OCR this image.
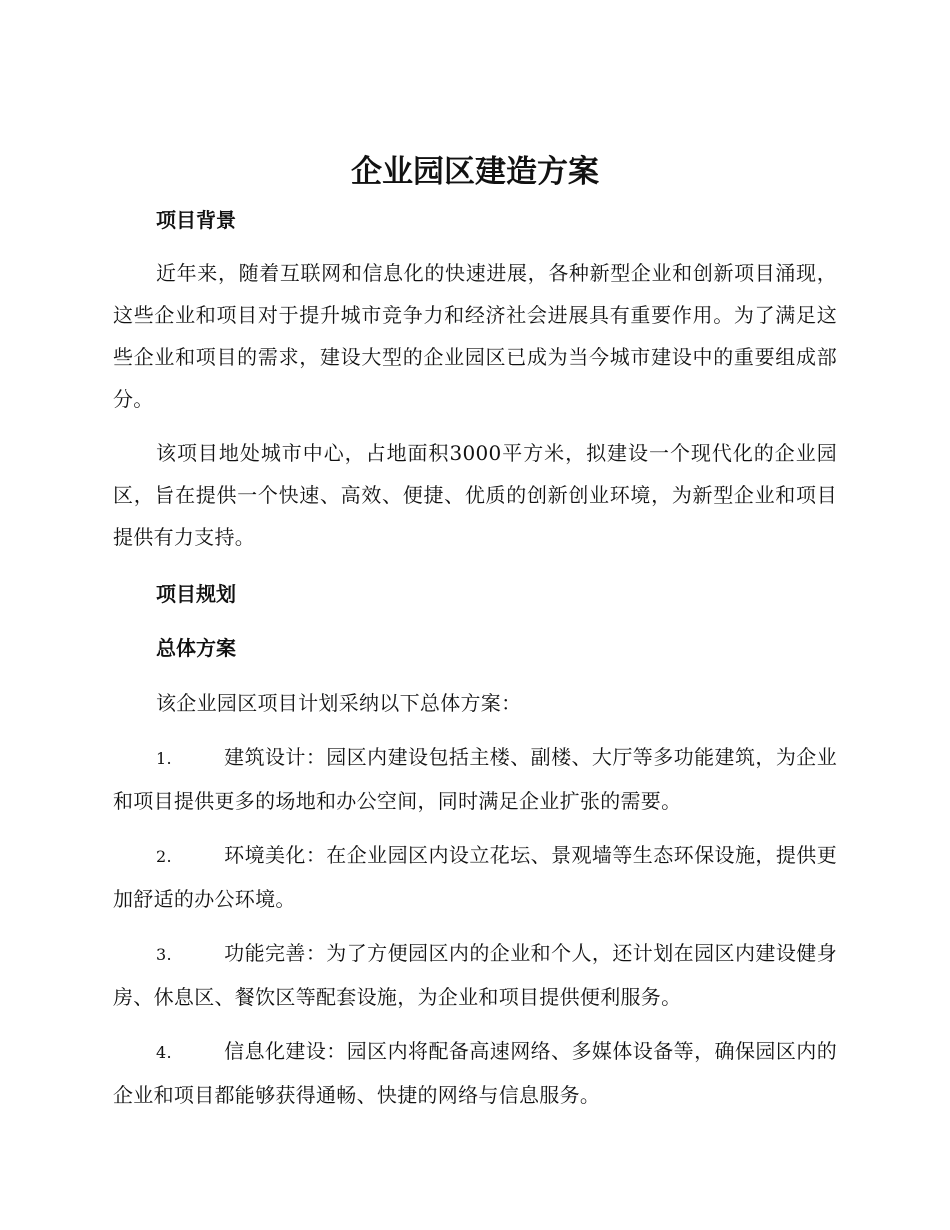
企业园区建造方案

项目背景

近年来，随着互联网和信息化的快速进展，各种新型企业和创新项目涌现，这些企业和项目对于提升城市竞争力和经济社会进展具有重要作用。为了满足这些企业和项目的需求，建设大型的企业园区已成为当今城市建设中的重要组成部分。

该项目地处城市中心，占地面积3000平方米，拟建设一个现代化的企业园区，旨在提供一个快速、高效、便捷、优质的创新创业环境，为新型企业和项目提供有力支持。

项目规划

总体方案

该企业园区项目计划采纳以下总体方案：

1.	建筑设计：园区内建设包括主楼、副楼、大厅等多功能建筑，为企业和项目提供更多的场地和办公空间，同时满足企业扩张的需要。

2.	环境美化：在企业园区内设立花坛、景观墙等生态环保设施，提供更加舒适的办公环境。

3.	功能完善：为了方便园区内的企业和个人，还计划在园区内建设健身房、休息区、餐饮区等配套设施，为企业和项目提供便利服务。

4.	信息化建设：园区内将配备高速网络、多媒体设备等，确保园区内的企业和项目都能够获得通畅、快捷的网络与信息服务。
